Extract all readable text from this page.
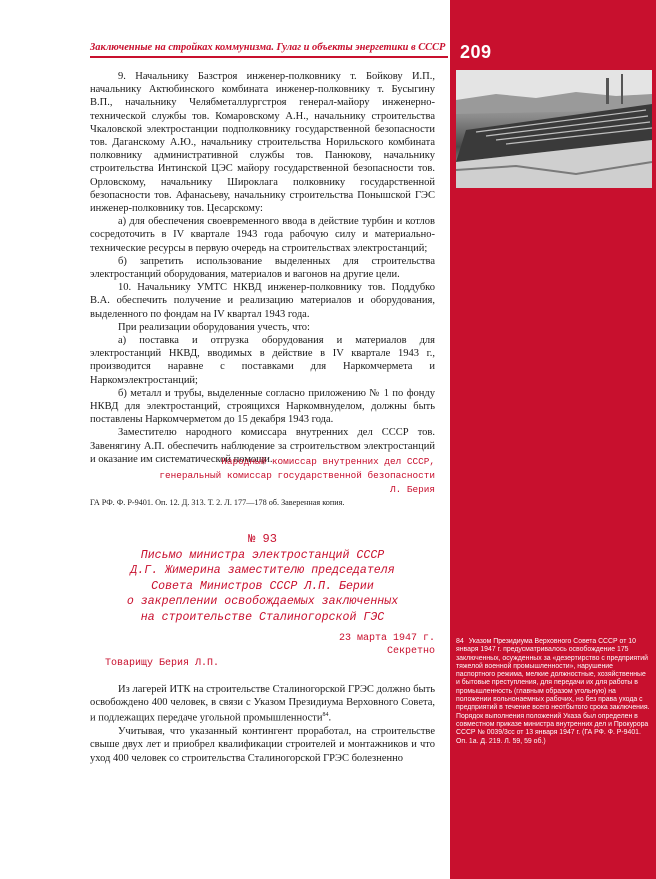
Заключенные на стройках коммунизма. Гулаг и объекты энергетики в СССР 209

9. Начальнику Базстроя инженер-полковнику т. Бойкову И.П., начальнику Актюбинского комбината инженер-полковнику т. Бусыгину В.П., начальнику Челябметаллургстроя генерал-майору инженерно-технической службы тов. Комаровскому А.Н., начальнику строительства Чкаловской электростанции подполковнику государственной безопасности тов. Даганскому А.Ю., начальнику строительства Норильского комбината полковнику административной службы тов. Панюкову, начальнику строительства Интинской ЦЭС майору государственной безопасности тов. Орловскому, начальнику Широклага полковнику государственной безопасности тов. Афанасьеву, начальнику строительства Понышской ГЭС инженер-полковнику тов. Цесарскому:

а) для обеспечения своевременного ввода в действие турбин и котлов сосредоточить в IV квартале 1943 года рабочую силу и материально-технические ресурсы в первую очередь на строительствах электростанций;

б) запретить использование выделенных для строительства электростанций оборудования, материалов и вагонов на другие цели.

10. Начальнику УМТС НКВД инженер-полковнику тов. Поддубко В.А. обеспечить получение и реализацию материалов и оборудования, выделенного по фондам на IV квартал 1943 года.

При реализации оборудования учесть, что:

а) поставка и отгрузка оборудования и материалов для электростанций НКВД, вводимых в действие в IV квартале 1943 г., производится наравне с поставками для Наркомчермета и Наркомэлектростанций;

б) металл и трубы, выделенные согласно приложению № 1 по фонду НКВД для электростанций, строящихся Наркомвнуделом, должны быть поставлены Наркомчерметом до 15 декабря 1943 года.

Заместителю народного комиссара внутренних дел СССР тов. Завенягину А.П. обеспечить наблюдение за строительством электростанций и оказание им систематической помощи.

Народный комиссар внутренних дел СССР,
генеральный комиссар государственной безопасности
Л. Берия
ГА РФ. Ф. Р-9401. Оп. 12. Д. 313. Т. 2. Л. 177—178 об. Заверенная копия.
№ 93
Письмо министра электростанций СССР
Д.Г. Жимерина заместителю председателя
Совета Министров СССР Л.П. Берии
о закреплении освобождаемых заключенных
на строительстве Сталиногорской ГЭС
23 марта 1947 г.
Секретно
Товарищу Берия Л.П.

Из лагерей ИТК на строительстве Сталиногорской ГРЭС должно быть освобождено 400 человек, в связи с Указом Президиума Верховного Совета, и подлежащих передаче угольной промышленности$^{84}$.

Учитывая, что указанный контингент проработал, на строительстве свыше двух лет и приобрел квалификации строителей и монтажников и что уход 400 человек со строительства Сталиногорской ГРЭС болезненно

84 Указом Президиума Верховного Совета СССР от 10 января 1947 г. предусматривалось освобождение 175 заключенных, осужденных за «дезертирство с предприятий тяжелой военной промышленности», нарушение паспортного режима, мелкие должностные, хозяйственные и бытовые преступления, для передачи их для работы в промышленность (главным образом угольную) на положении вольнонаемных рабочих, но без права ухода с предприятий в течение всего неотбытого срока заключения. Порядок выполнения положений Указа был определен в совместном приказе министра внутренних дел и Прокурора СССР № 0039/3сс от 13 января 1947 г. (ГА РФ. Ф. Р-9401. Оп. 1а. Д. 219. Л. 59, 59 об.)
